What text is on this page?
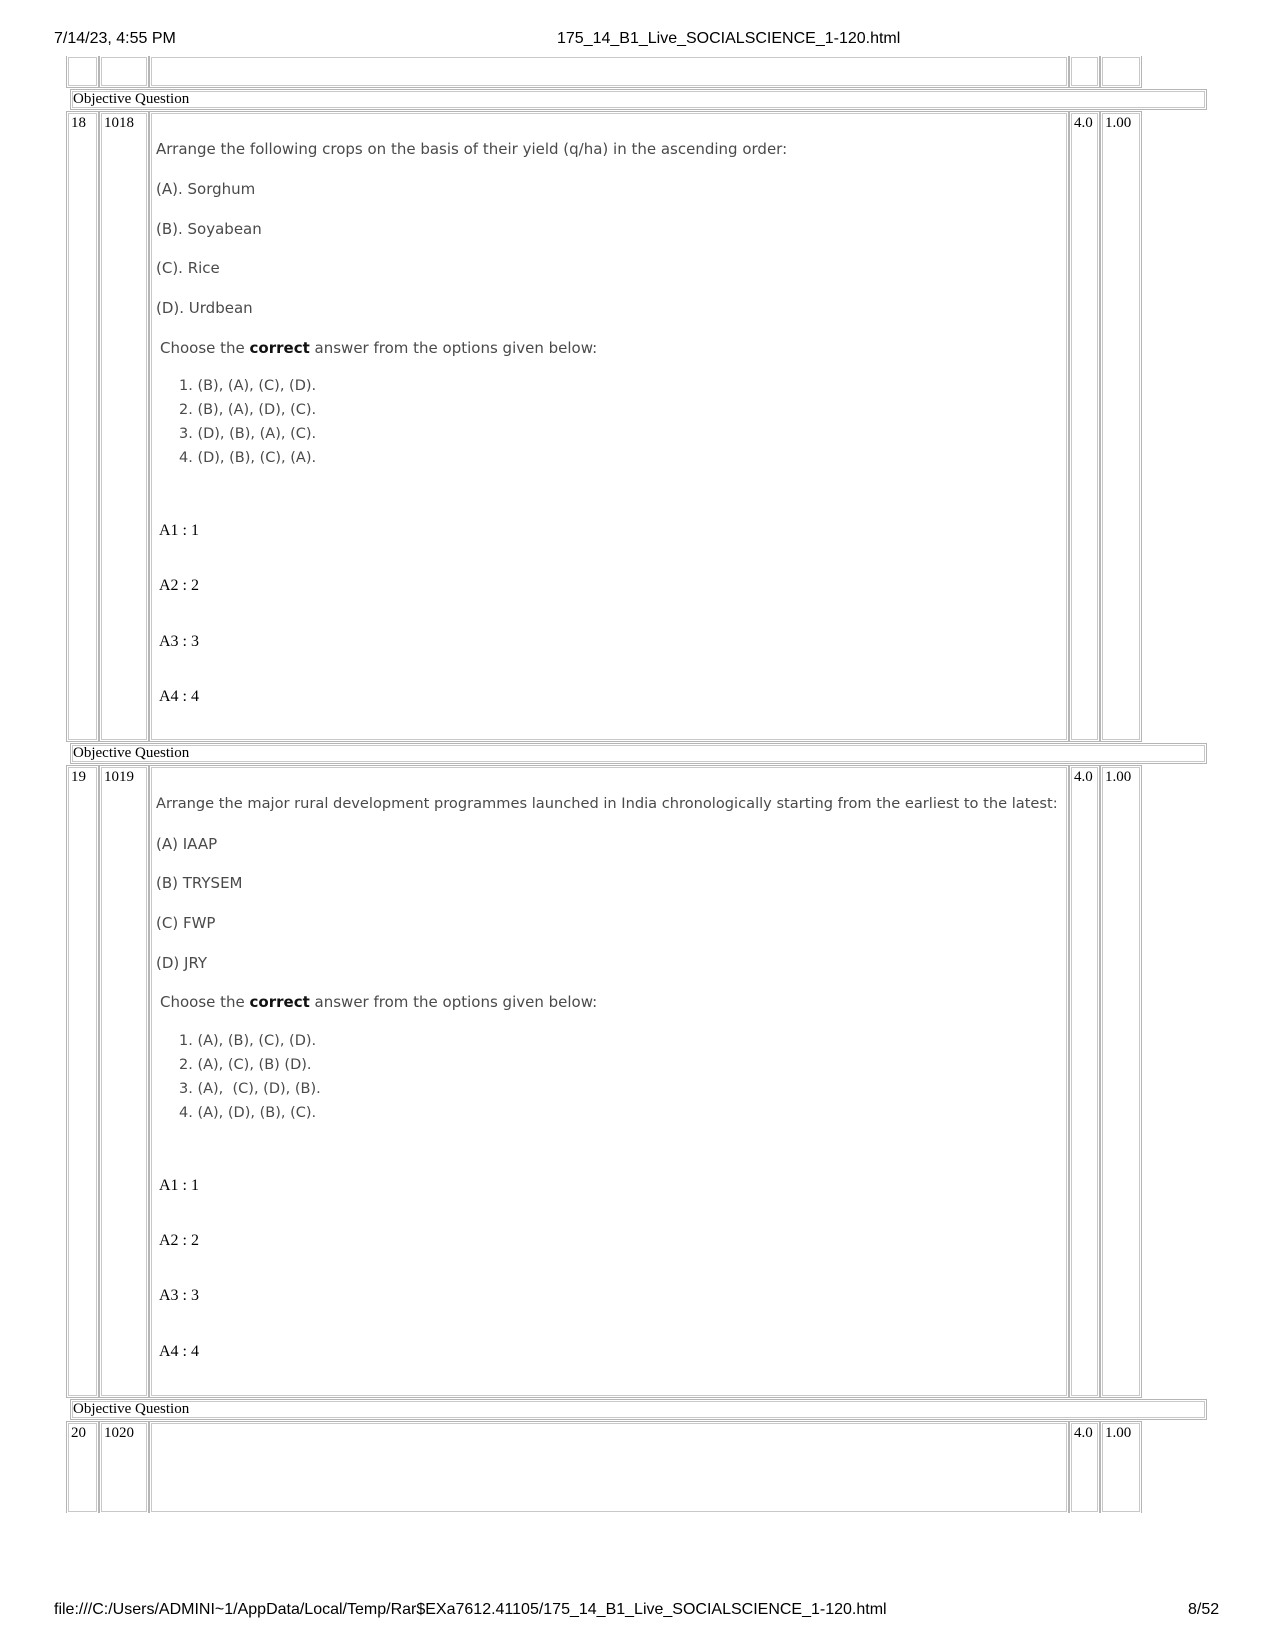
7/14/23, 4:55 PM	175_14_B1_Live_SOCIALSCIENCE_1-120.html
Objective Question
18 1018	4.0 1.00
Arrange the following crops on the basis of their yield (q/ha) in the ascending order:
(A). Sorghum
(B). Soyabean
(C). Rice
(D). Urdbean
Choose the correct answer from the options given below:
1. (B), (A), (C), (D).
2. (B), (A), (D), (C).
3. (D), (B), (A), (C).
4. (D), (B), (C), (A).
A1 : 1
A2 : 2
A3 : 3
A4 : 4
Objective Question
19 1019	4.0 1.00
Arrange the major rural development programmes launched in India chronologically starting from the earliest to the latest:
(A) IAAP
(B) TRYSEM
(C) FWP
(D) JRY
Choose the correct answer from the options given below:
1. (A), (B), (C), (D).
2. (A), (C), (B) (D).
3. (A),  (C), (D), (B).
4. (A), (D), (B), (C).
A1 : 1
A2 : 2
A3 : 3
A4 : 4
Objective Question
20 1020	4.0 1.00
file:///C:/Users/ADMINI~1/AppData/Local/Temp/Rar$EXa7612.41105/175_14_B1_Live_SOCIALSCIENCE_1-120.html	8/52
